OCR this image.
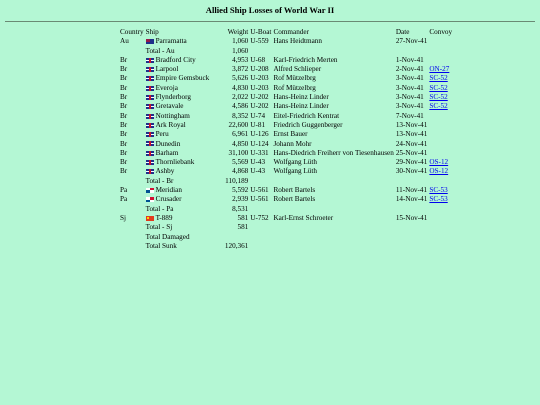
Allied Ship Losses of World War II
Country	Ship	Weight	U-Boat	Commander	Date	Convoy
Au	Parramatta	1,060	U-559	Hans Heidtmann	27-Nov-41	
	Total - Au	1,060				
Br	Bradford City	4,953	U-68	Karl-Friedrich Merten	1-Nov-41	
Br	Larpool	3,872	U-208	Alfred Schlieper	2-Nov-41	ON-27
Br	Empire Gemsbuck	5,626	U-203	Rof Mützelbrg	3-Nov-41	SC-52
Br	Everoja	4,830	U-203	Rof Mützelbrg	3-Nov-41	SC-52
Br	Flynderborg	2,022	U-202	Hans-Heinz Linder	3-Nov-41	SC-52
Br	Gretavale	4,586	U-202	Hans-Heinz Linder	3-Nov-41	SC-52
Br	Nottingham	8,352	U-74	Eitel-Friedrich Kentrat	7-Nov-41	
Br	Ark Royal	22,600	U-81	Friedrich Guggenberger	13-Nov-41	
Br	Peru	6,961	U-126	Ernst Bauer	13-Nov-41	
Br	Dunedin	4,850	U-124	Johann Mohr	24-Nov-41	
Br	Barham	31,100	U-331	Hans-Diedrich Freiherr von Tiesenhausen	25-Nov-41	
Br	Thornliebank	5,569	U-43	Wolfgang Lüth	29-Nov-41	OS-12
Br	Ashby	4,868	U-43	Wolfgang Lüth	30-Nov-41	OS-12
	Total - Br	110,189				
Pa	Meridian	5,592	U-561	Robert Bartels	11-Nov-41	SC-53
Pa	Crusader	2,939	U-561	Robert Bartels	14-Nov-41	SC-53
	Total - Pa	8,531				
Sj	T-889	581	U-752	Karl-Ernst Schroeter	15-Nov-41	
	Total - Sj	581				
	Total Damaged					
	Total Sunk	120,361				
